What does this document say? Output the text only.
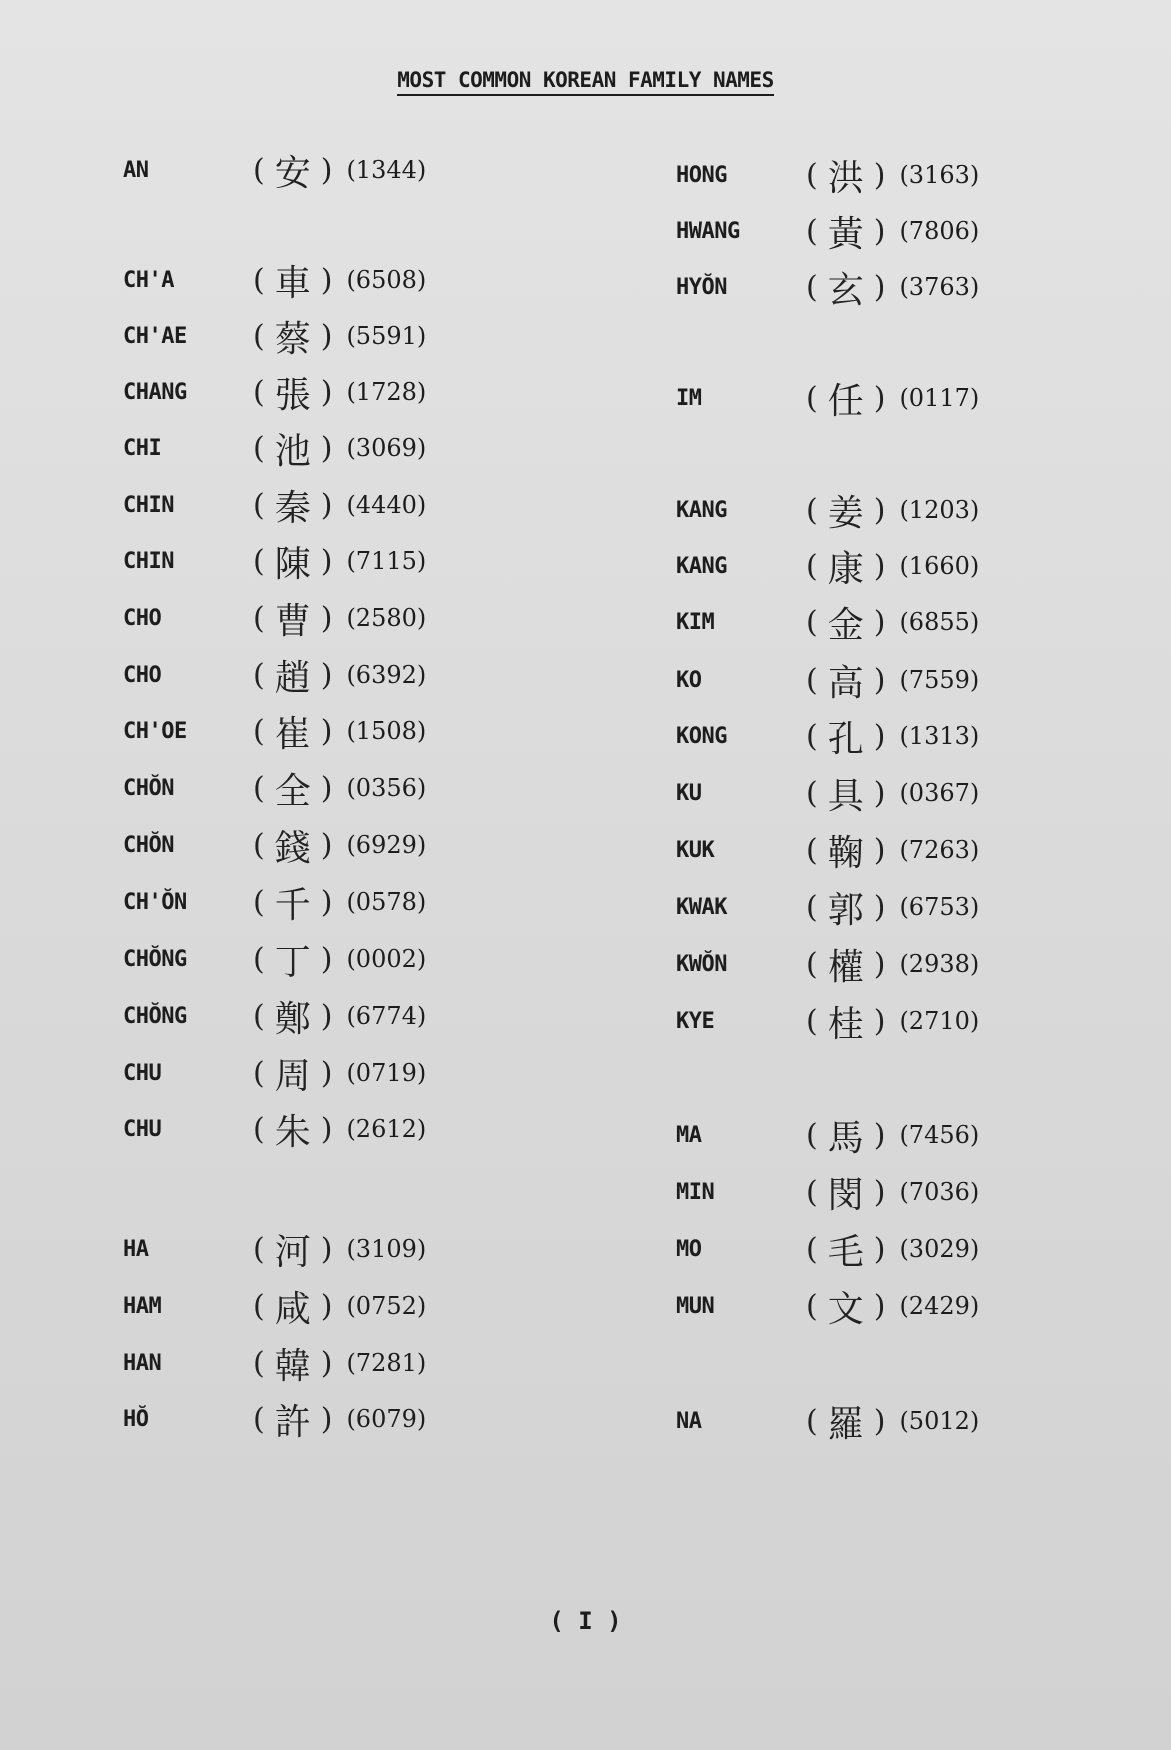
MOST COMMON KOREAN FAMILY NAMES
AN	( 安 ) (1344)
CH'A	( 車 ) (6508)
CH'AE	( 蔡 ) (5591)
CHANG	( 張 ) (1728)
CHI	( 池 ) (3069)
CHIN	( 秦 ) (4440)
CHIN	( 陳 ) (7115)
CHO	( 曹 ) (2580)
CHO	( 趙 ) (6392)
CH'OE	( 崔 ) (1508)
CHŎN	( 全 ) (0356)
CHŎN	( 錢 ) (6929)
CH'ŎN	( 千 ) (0578)
CHŎNG	( 丁 ) (0002)
CHŎNG	( 鄭 ) (6774)
CHU	( 周 ) (0719)
CHU	( 朱 ) (2612)
HA	( 河 ) (3109)
HAM	( 咸 ) (0752)
HAN	( 韓 ) (7281)
HŎ	( 許 ) (6079)
HONG	( 洪 ) (3163)
HWANG	( 黃 ) (7806)
HYŎN	( 玄 ) (3763)
IM	( 任 ) (0117)
KANG	( 姜 ) (1203)
KANG	( 康 ) (1660)
KIM	( 金 ) (6855)
KO	( 高 ) (7559)
KONG	( 孔 ) (1313)
KU	( 具 ) (0367)
KUK	( 鞠 ) (7263)
KWAK	( 郭 ) (6753)
KWŎN	( 權 ) (2938)
KYE	( 桂 ) (2710)
MA	( 馬 ) (7456)
MIN	( 閔 ) (7036)
MO	( 毛 ) (3029)
MUN	( 文 ) (2429)
NA	( 羅 ) (5012)
( I )
